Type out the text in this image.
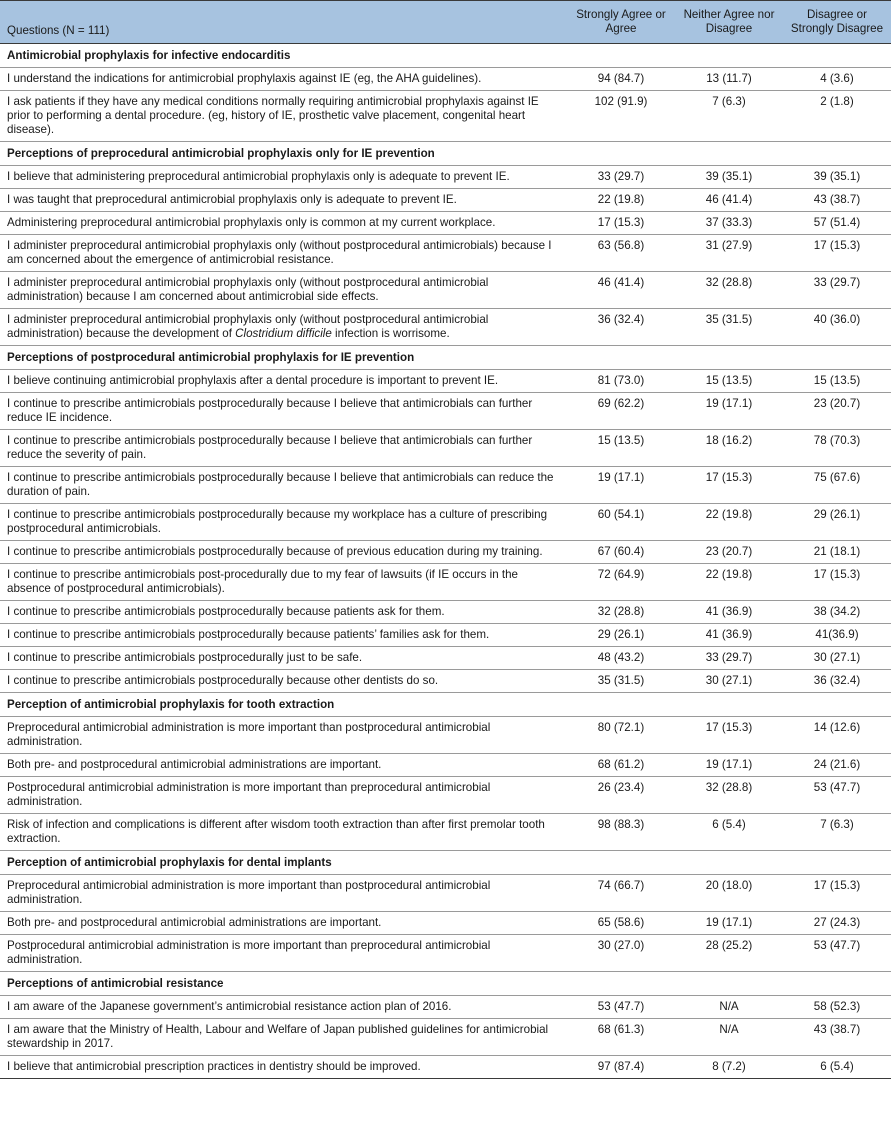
Questions (N = 111)	Strongly Agree or Agree	Neither Agree nor Disagree	Disagree or Strongly Disagree
Antimicrobial prophylaxis for infective endocarditis			
I understand the indications for antimicrobial prophylaxis against IE (eg, the AHA guidelines).	94 (84.7)	13 (11.7)	4 (3.6)
I ask patients if they have any medical conditions normally requiring antimicrobial prophylaxis against IE prior to performing a dental procedure. (eg, history of IE, prosthetic valve placement, congenital heart disease).	102 (91.9)	7 (6.3)	2 (1.8)
Perceptions of preprocedural antimicrobial prophylaxis only for IE prevention			
I believe that administering preprocedural antimicrobial prophylaxis only is adequate to prevent IE.	33 (29.7)	39 (35.1)	39 (35.1)
I was taught that preprocedural antimicrobial prophylaxis only is adequate to prevent IE.	22 (19.8)	46 (41.4)	43 (38.7)
Administering preprocedural antimicrobial prophylaxis only is common at my current workplace.	17 (15.3)	37 (33.3)	57 (51.4)
I administer preprocedural antimicrobial prophylaxis only (without postprocedural antimicrobials) because I am concerned about the emergence of antimicrobial resistance.	63 (56.8)	31 (27.9)	17 (15.3)
I administer preprocedural antimicrobial prophylaxis only (without postprocedural antimicrobial administration) because I am concerned about antimicrobial side effects.	46 (41.4)	32 (28.8)	33 (29.7)
I administer preprocedural antimicrobial prophylaxis only (without postprocedural antimicrobial administration) because the development of Clostridium difficile infection is worrisome.	36 (32.4)	35 (31.5)	40 (36.0)
Perceptions of postprocedural antimicrobial prophylaxis for IE prevention			
I believe continuing antimicrobial prophylaxis after a dental procedure is important to prevent IE.	81 (73.0)	15 (13.5)	15 (13.5)
I continue to prescribe antimicrobials postprocedurally because I believe that antimicrobials can further reduce IE incidence.	69 (62.2)	19 (17.1)	23 (20.7)
I continue to prescribe antimicrobials postprocedurally because I believe that antimicrobials can further reduce the severity of pain.	15 (13.5)	18 (16.2)	78 (70.3)
I continue to prescribe antimicrobials postprocedurally because I believe that antimicrobials can reduce the duration of pain.	19 (17.1)	17 (15.3)	75 (67.6)
I continue to prescribe antimicrobials postprocedurally because my workplace has a culture of prescribing postprocedural antimicrobials.	60 (54.1)	22 (19.8)	29 (26.1)
I continue to prescribe antimicrobials postprocedurally because of previous education during my training.	67 (60.4)	23 (20.7)	21 (18.1)
I continue to prescribe antimicrobials post-procedurally due to my fear of lawsuits (if IE occurs in the absence of postprocedural antimicrobials).	72 (64.9)	22 (19.8)	17 (15.3)
I continue to prescribe antimicrobials postprocedurally because patients ask for them.	32 (28.8)	41 (36.9)	38 (34.2)
I continue to prescribe antimicrobials postprocedurally because patients’ families ask for them.	29 (26.1)	41 (36.9)	41(36.9)
I continue to prescribe antimicrobials postprocedurally just to be safe.	48 (43.2)	33 (29.7)	30 (27.1)
I continue to prescribe antimicrobials postprocedurally because other dentists do so.	35 (31.5)	30 (27.1)	36 (32.4)
Perception of antimicrobial prophylaxis for tooth extraction			
Preprocedural antimicrobial administration is more important than postprocedural antimicrobial administration.	80 (72.1)	17 (15.3)	14 (12.6)
Both pre- and postprocedural antimicrobial administrations are important.	68 (61.2)	19 (17.1)	24 (21.6)
Postprocedural antimicrobial administration is more important than preprocedural antimicrobial administration.	26 (23.4)	32 (28.8)	53 (47.7)
Risk of infection and complications is different after wisdom tooth extraction than after first premolar tooth extraction.	98 (88.3)	6 (5.4)	7 (6.3)
Perception of antimicrobial prophylaxis for dental implants			
Preprocedural antimicrobial administration is more important than postprocedural antimicrobial administration.	74 (66.7)	20 (18.0)	17 (15.3)
Both pre- and postprocedural antimicrobial administrations are important.	65 (58.6)	19 (17.1)	27 (24.3)
Postprocedural antimicrobial administration is more important than preprocedural antimicrobial administration.	30 (27.0)	28 (25.2)	53 (47.7)
Perceptions of antimicrobial resistance			
I am aware of the Japanese government’s antimicrobial resistance action plan of 2016.	53 (47.7)	N/A	58 (52.3)
I am aware that the Ministry of Health, Labour and Welfare of Japan published guidelines for antimicrobial stewardship in 2017.	68 (61.3)	N/A	43 (38.7)
I believe that antimicrobial prescription practices in dentistry should be improved.	97 (87.4)	8 (7.2)	6 (5.4)
